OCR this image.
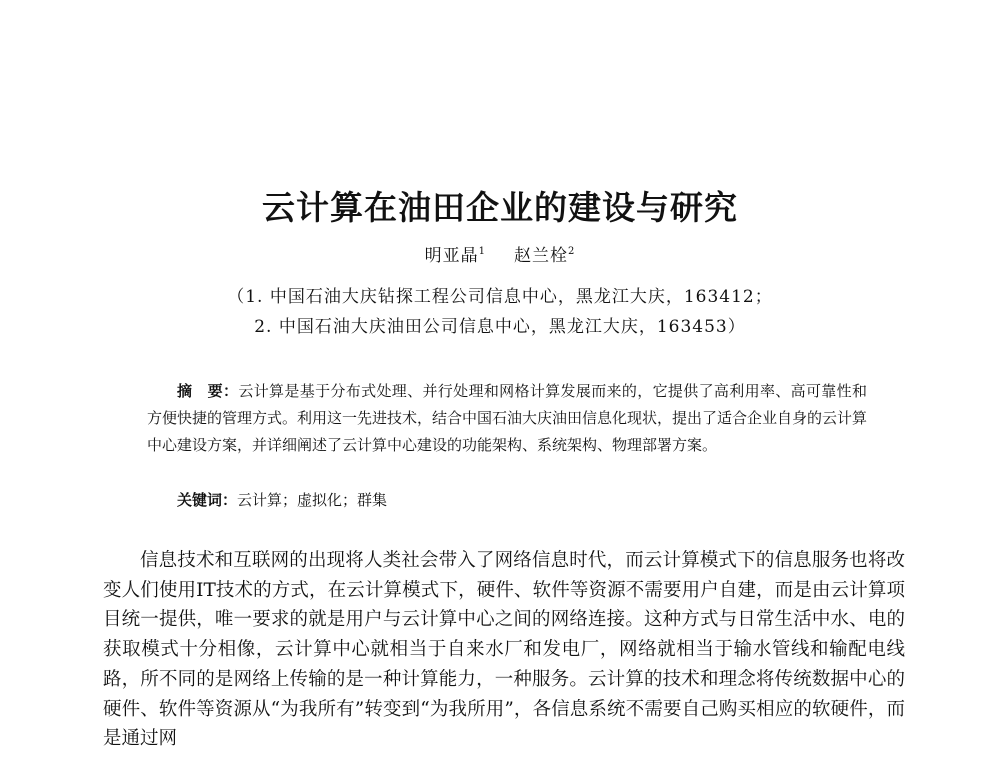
云计算在油田企业的建设与研究
明亚晶$^1$ 赵兰栓$^2$
（1. 中国石油大庆钻探工程公司信息中心，黑龙江大庆，163412；
2. 中国石油大庆油田公司信息中心，黑龙江大庆，163453）

摘　要：云计算是基于分布式处理、并行处理和网格计算发展而来的，它提供了高利用率、高可靠性和方便快捷的管理方式。利用这一先进技术，结合中国石油大庆油田信息化现状，提出了适合企业自身的云计算中心建设方案，并详细阐述了云计算中心建设的功能架构、系统架构、物理部署方案。

关键词：云计算；虚拟化；群集

信息技术和互联网的出现将人类社会带入了网络信息时代，而云计算模式下的信息服务也将改变人们使用IT技术的方式，在云计算模式下，硬件、软件等资源不需要用户自建，而是由云计算项目统一提供，唯一要求的就是用户与云计算中心之间的网络连接。这种方式与日常生活中水、电的获取模式十分相像，云计算中心就相当于自来水厂和发电厂，网络就相当于输水管线和输配电线路，所不同的是网络上传输的是一种计算能力，一种服务。云计算的技术和理念将传统数据中心的硬件、软件等资源从“为我所有”转变到“为我所用”，各信息系统不需要自己购买相应的软硬件，而是通过网
